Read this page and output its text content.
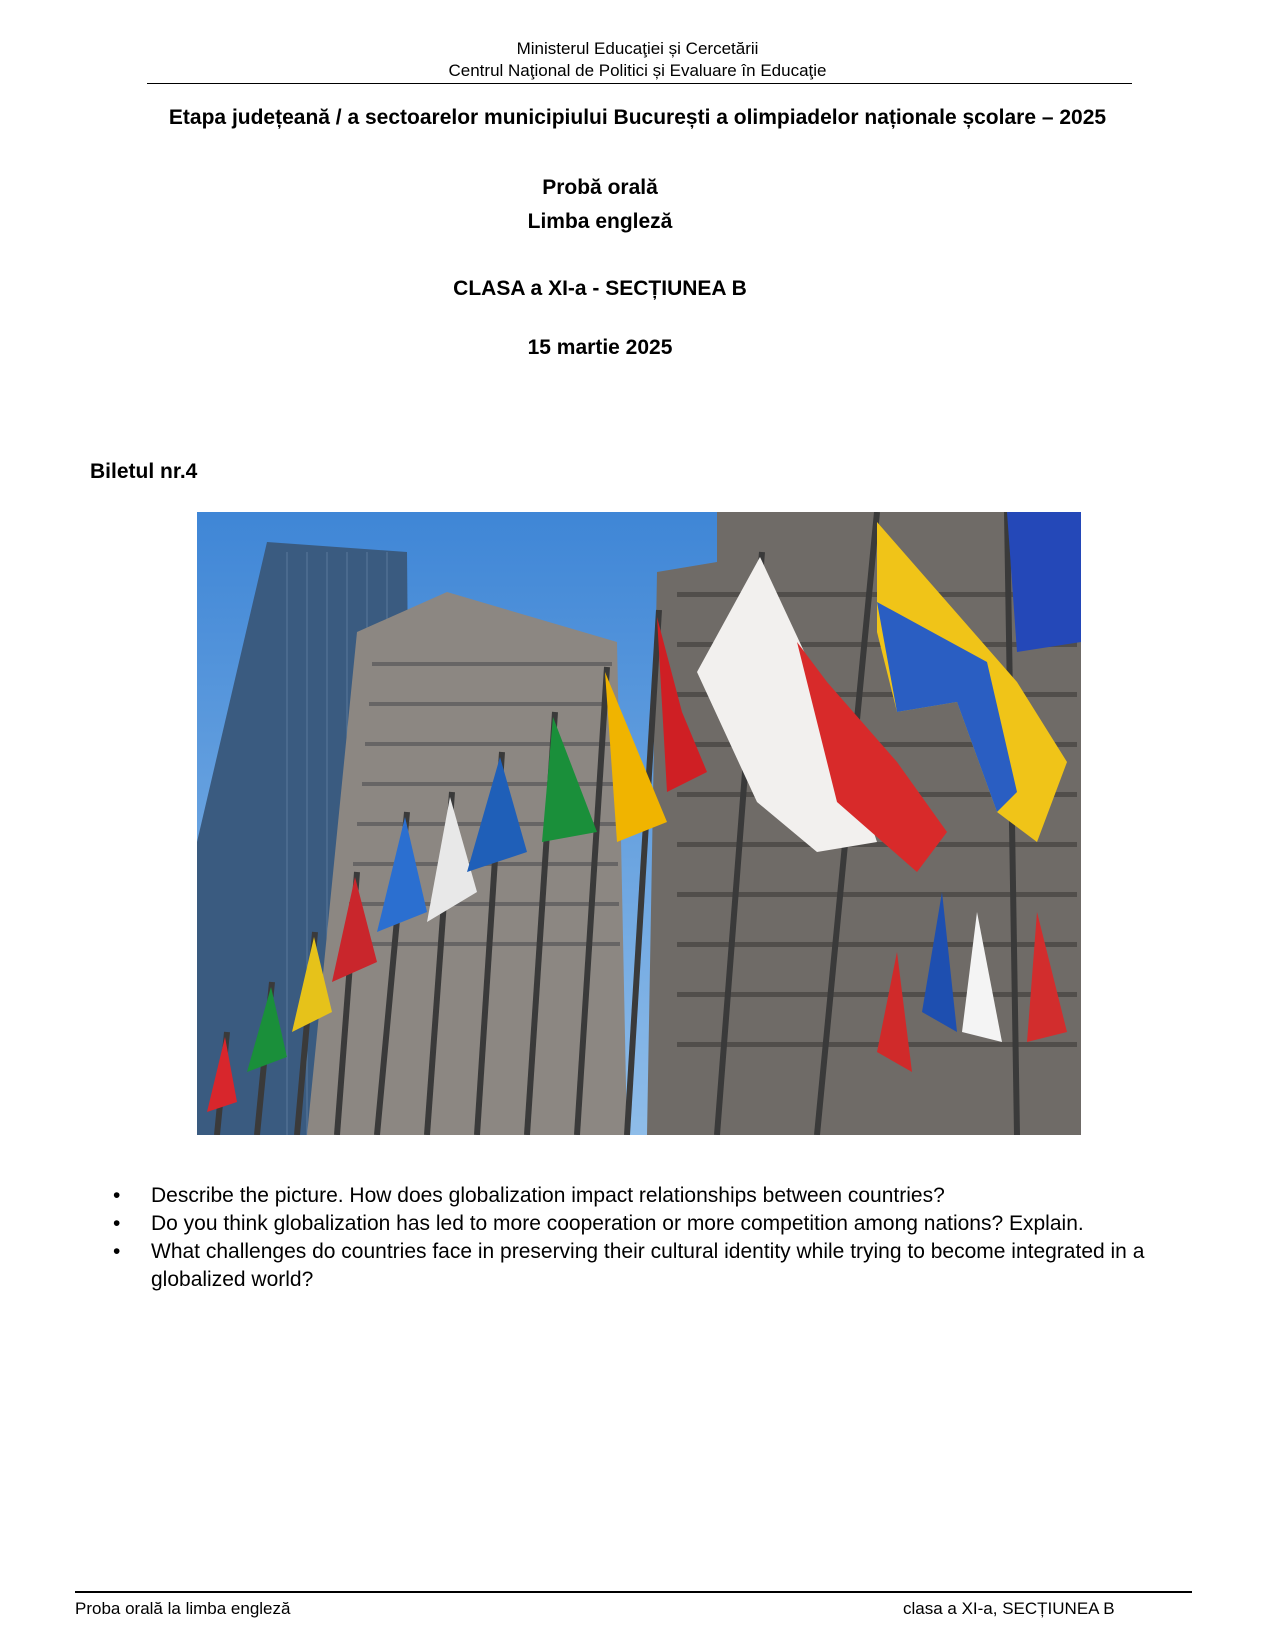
Ministerul Educaţiei și Cercetării
Centrul Naţional de Politici și Evaluare în Educaţie
Etapa județeană / a sectoarelor municipiului București a olimpiadelor naționale școlare – 2025
Probă orală
Limba engleză
CLASA a XI-a - SECȚIUNEA B
15 martie 2025
Biletul nr.4
• Describe the picture. How does globalization impact relationships between countries?
• Do you think globalization has led to more cooperation or more competition among nations? Explain.
• What challenges do countries face in preserving their cultural identity while trying to become integrated in a globalized world?
Proba orală la limba engleză	clasa a XI-a, SECȚIUNEA B
